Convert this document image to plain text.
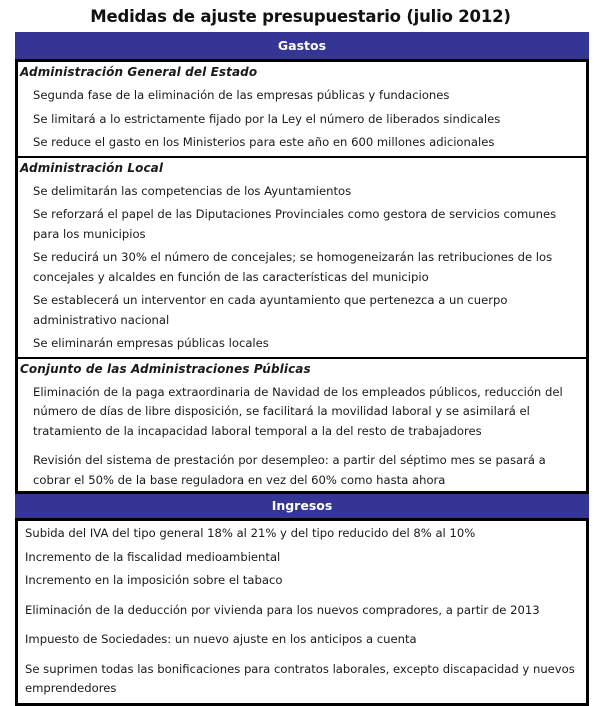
Medidas de ajuste presupuestario (julio 2012)
Gastos
Administración General del Estado
Segunda fase de la eliminación de las empresas públicas y fundaciones
Se limitará a lo estrictamente fijado por la Ley el número de liberados sindicales
Se reduce el gasto en los Ministerios para este año en 600 millones adicionales
Administración Local
Se delimitarán las competencias de los Ayuntamientos
Se reforzará el papel de las Diputaciones Provinciales como gestora de servicios comunes para los municipios
Se reducirá un 30% el número de concejales; se homogeneizarán las retribuciones de los concejales y alcaldes en función de las características del municipio
Se establecerá un interventor en cada ayuntamiento que pertenezca a un cuerpo administrativo nacional
Se eliminarán empresas públicas locales
Conjunto de las Administraciones Públicas
Eliminación de la paga extraordinaria de Navidad de los empleados públicos, reducción del número de días de libre disposición, se facilitará la movilidad laboral y se asimilará el tratamiento de la incapacidad laboral temporal a la del resto de trabajadores
Revisión del sistema de prestación por desempleo: a partir del séptimo mes se pasará a cobrar el 50% de la base reguladora en vez del 60% como hasta ahora
Ingresos
Subida del IVA del tipo general 18% al 21% y del tipo reducido del 8% al 10%
Incremento de la fiscalidad medioambiental
Incremento en la imposición sobre el tabaco
Eliminación de la deducción por vivienda para los nuevos compradores, a partir de 2013
Impuesto de Sociedades: un nuevo ajuste en los anticipos a cuenta
Se suprimen todas las bonificaciones para contratos laborales, excepto discapacidad y nuevos emprendedores
